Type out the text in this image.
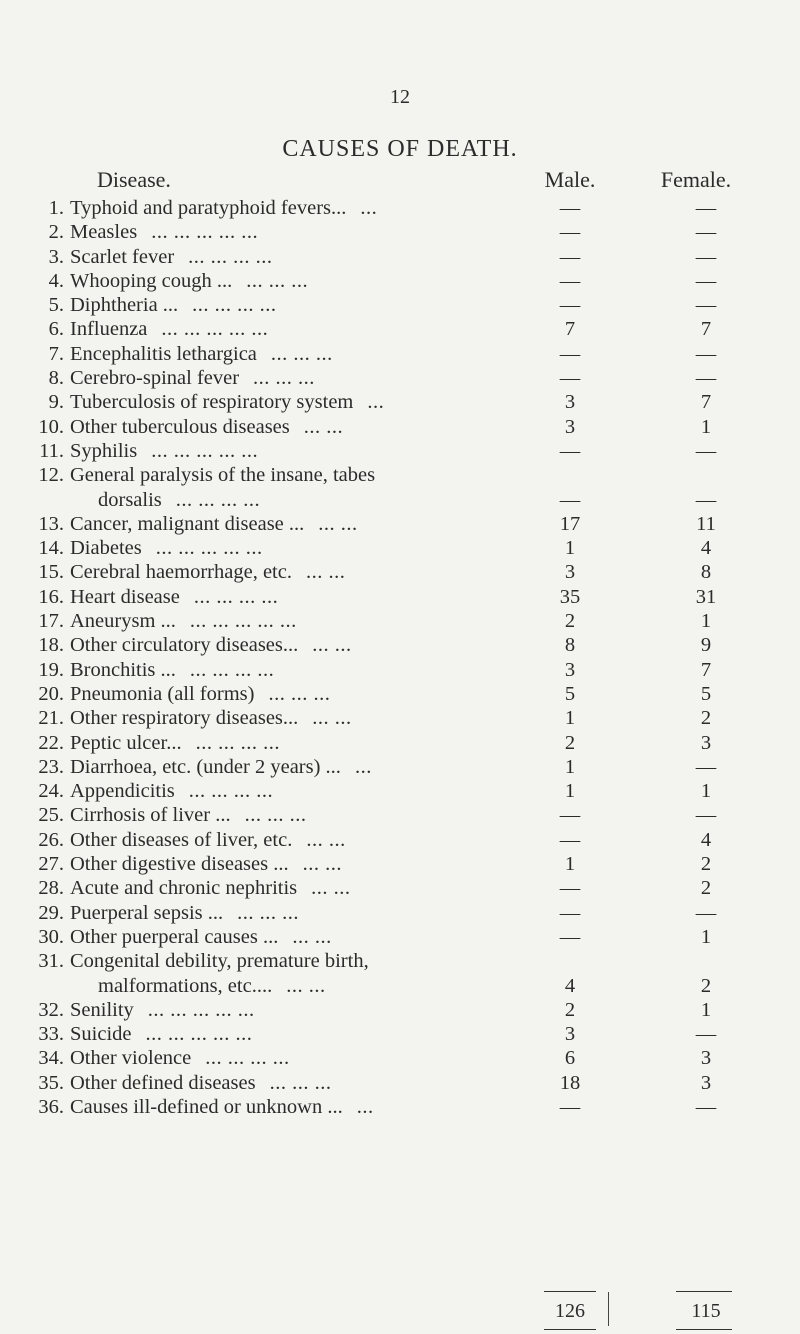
12
CAUSES OF DEATH.
Disease.	Male.	Female.
1. Typhoid and paratyphoid fevers... ...	—	—
2. Measles ... ... ... ... ...	—	—
3. Scarlet fever ... ... ... ...	—	—
4. Whooping cough ... ... ... ...	—	—
5. Diphtheria ... ... ... ... ...	—	—
6. Influenza ... ... ... ... ...	7	7
7. Encephalitis lethargica ... ... ...	—	—
8. Cerebro-spinal fever ... ... ...	—	—
9. Tuberculosis of respiratory system ...	3	7
10. Other tuberculous diseases ... ...	3	1
11. Syphilis ... ... ... ... ...	—	—
12. General paralysis of the insane, tabes
dorsalis ... ... ... ...	—	—
13. Cancer, malignant disease ... ... ...	17	11
14. Diabetes ... ... ... ... ...	1	4
15. Cerebral haemorrhage, etc. ... ...	3	8
16. Heart disease ... ... ... ...	35	31
17. Aneurysm ... ... ... ... ... ...	2	1
18. Other circulatory diseases... ... ...	8	9
19. Bronchitis ... ... ... ... ...	3	7
20. Pneumonia (all forms) ... ... ...	5	5
21. Other respiratory diseases... ... ...	1	2
22. Peptic ulcer... ... ... ... ...	2	3
23. Diarrhoea, etc. (under 2 years) ... ...	1	—
24. Appendicitis ... ... ... ...	1	1
25. Cirrhosis of liver ... ... ... ...	—	—
26. Other diseases of liver, etc. ... ...	—	4
27. Other digestive diseases ... ... ...	1	2
28. Acute and chronic nephritis ... ...	—	2
29. Puerperal sepsis ... ... ... ...	—	—
30. Other puerperal causes ... ... ...	—	1
31. Congenital debility, premature birth,
malformations, etc.... ... ...	4	2
32. Senility ... ... ... ... ...	2	1
33. Suicide ... ... ... ... ...	3	—
34. Other violence ... ... ... ...	6	3
35. Other defined diseases ... ... ...	18	3
36. Causes ill-defined or unknown ... ...	—	—
126	115
